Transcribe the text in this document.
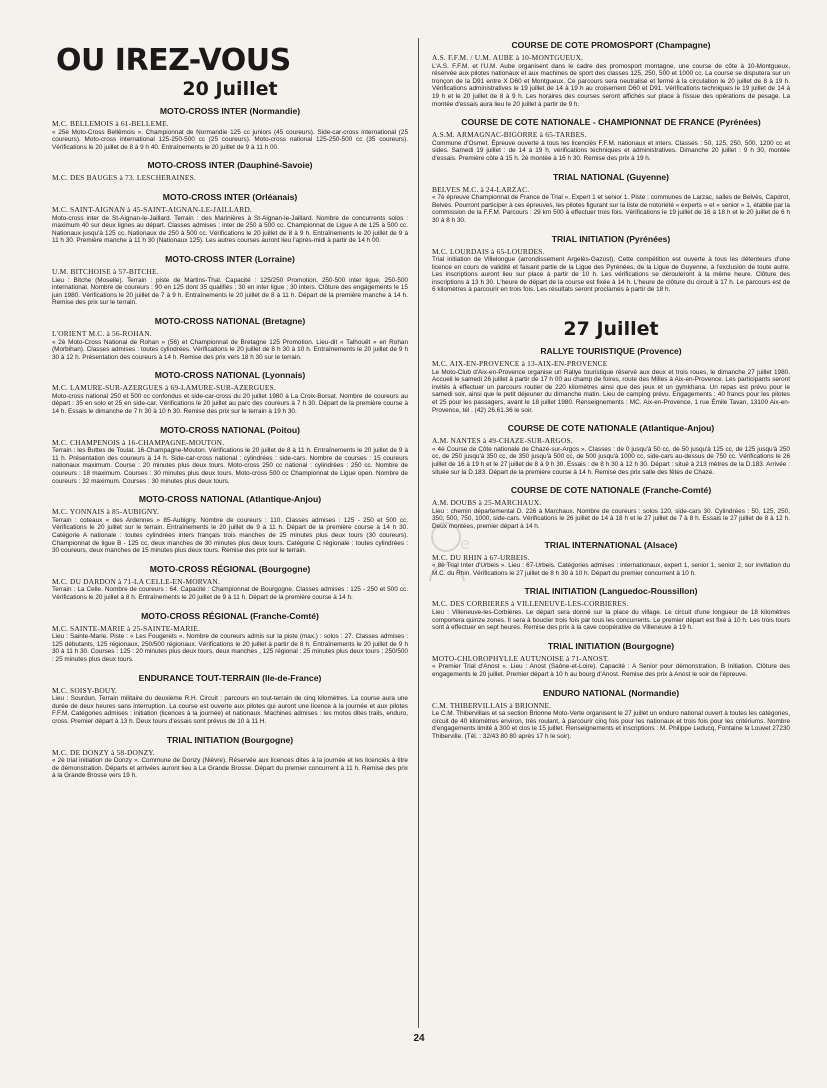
OU IREZ-VOUS
20 Juillet
MOTO-CROSS INTER (Normandie)
M.C. BELLEMOIS à 61-BELLEME.
« 25è Moto-Cross Bellêmois ». Championnat de Normandie 125 cc juniors (45 coureurs). Side-car-cross international (25 coureurs). Moto-cross international 125-250-500 cc (25 coureurs). Moto-cross national 125-250-500 cc (35 coureurs). Vérifications le 20 juillet de 8 à 9 h 40. Entraînements le 20 juillet de 9 à 11 h 00.
MOTO-CROSS INTER (Dauphiné-Savoie)
M.C. DES BAUGES à 73. LESCHERAINES.
MOTO-CROSS INTER (Orléanais)
M.C. SAINT-AIGNAN à 45-SAINT-AIGNAN-LE-JAILLARD.
Moto-cross inter de St-Aignan-le-Jaillard. Terrain : des Marinières à St-Aignan-le-Jaillard. Nombre de concurrents solos : maximum 40 sur deux lignes au départ. Classes admises : inter de 250 à 500 cc. Championnat de Ligue A de 125 à 500 cc. Nationaux jusqu'à 125 cc. Nationaux de 250 à 500 cc. Vérifications le 20 juillet de 8 à 9 h. Entraînements le 20 juillet de 9 à 11 h 30. Première manche à 11 h 30 (Nationaux 125). Les autres courses auront lieu l'après-midi à partir de 14 h 00.
MOTO-CROSS INTER (Lorraine)
U.M. BITCHOISE à 57-BITCHE.
Lieu : Bitche (Moselle). Terrain : piste de Martins-Thal. Capacité : 125/250 Promotion, 250-500 inter ligue, 250-500 international. Nombre de coureurs : 90 en 125 dont 35 qualifiés ; 30 en inter ligue ; 30 inters. Clôture des engagements le 15 juin 1980. Vérifications le 20 juillet de 7 à 9 h. Entraînements le 20 juillet de 8 à 11 h. Départ de la première manche à 14 h. Remise des prix sur le terrain.
MOTO-CROSS NATIONAL (Bretagne)
L'ORIENT M.C. à 56-ROHAN.
« 2è Moto-Cross National de Rohan » (56) et Championnat de Bretagne 125 Promotion. Lieu-dit « Talhouët » en Rohan (Morbihan). Classes admises : toutes cylindrées. Vérifications le 20 juillet de 8 h 30 à 10 h. Entraînements le 20 juillet de 9 h 30 à 12 h. Présentation des coureurs à 14 h. Remise des prix vers 18 h 30 sur le terrain.
MOTO-CROSS NATIONAL (Lyonnais)
M.C. LAMURE-SUR-AZERGUES à 69-LAMURE-SUR-AZERGUES.
Moto-cross national 250 et 500 cc confondus et side-car-cross du 20 juillet 1980 à La Croix-Borsat. Nombre de coureurs au départ : 35 en solo et 25 en side-car. Vérifications le 20 juillet au parc des coureurs à 7 h 30. Départ de la première course à 14 h. Essais le dimanche de 7 h 30 à 10 h 30. Remise des prix sur le terrain à 19 h 30.
MOTO-CROSS NATIONAL (Poitou)
M.C. CHAMPENOIS à 16-CHAMPAGNE-MOUTON.
Terrain : les Buttes de Toulat. 16-Champagne-Mouton. Vérifications le 20 juillet de 8 à 11 h. Entraînements le 20 juillet de 9 à 11 h. Présentation des coureurs à 14 h. Side-car-cross national : cylindrées : side-cars. Nombre de courses : 15 coureurs nationaux maximum. Course : 20 minutes plus deux tours. Moto-cross 250 cc national : cylindrées : 250 cc. Nombre de coureurs : 18 maximum. Courses : 30 minutes plus deux tours. Moto-cross 500 cc Championnat de Ligue open. Nombre de coureurs : 32 maximum. Courses : 30 minutes plus deux tours.
MOTO-CROSS NATIONAL (Atlantique-Anjou)
M.C. YONNAIS à 85-AUBIGNY.
Terrain : coteaux « des Ardennes » 85-Aubigny. Nombre de coureurs : 110. Classes admises : 125 - 250 et 500 cc. Vérifications le 20 juillet sur le terrain. Entraînements le 20 juillet de 9 à 11 h. Départ de la première course à 14 h 30. Catégorie A nationale : toutes cylindrées inters français trois manches de 25 minutes plus deux tours (30 coureurs). Championnat de ligue B - 125 cc, deux manches de 30 minutes plus deux tours. Catégorie C régionale : toutes cylindrées : 30 coureurs, deux manches de 15 minutes plus deux tours. Remise des prix sur le terrain.
MOTO-CROSS RÉGIONAL (Bourgogne)
M.C. DU DARDON à 71-LA CELLE-EN-MORVAN.
Terrain : La Celle. Nombre de coureurs : 64. Capacité : Championnat de Bourgogne. Classes admises : 125 - 250 et 500 cc. Vérifications le 20 juillet à 8 h. Entraînements le 20 juillet de 9 à 11 h. Départ de la première course à 14 h.
MOTO-CROSS RÉGIONAL (Franche-Comté)
M.C. SAINTE-MARIE à 25-SAINTE-MARIE.
Lieu : Sainte-Marie. Piste : « Les Fougerets ». Nombre de coureurs admis sur la piste (max.) : solos : 27. Classes admises : 125 débutants, 125 régionaux, 250/500 régionaux. Vérifications le 20 juillet à partir de 8 h. Entraînements le 20 juillet de 9 h 30 à 11 h 30. Courses : 125 : 20 minutes plus deux tours, deux manches , 125 régional : 25 minutes plus deux tours ; 250/500 : 25 minutes plus deux tours.
ENDURANCE TOUT-TERRAIN (Ile-de-France)
M.C. SOISY-BOUY.
Lieu : Sourdun. Terrain militaire du deuxième R.H. Circuit : parcours en tout-terrain de cinq kilomètres. La course aura une durée de deux heures sans interruption. La course est ouverte aux pilotes qui auront une licence à la journée et aux pilotes F.F.M. Catégories admises : initiation (licences à la journée) et nationaux. Machines admises : les motos dites trails, enduro, cross. Premier départ à 13 h. Deux tours d'essais sont prévus de 10 à 11 H.
TRIAL INITIATION (Bourgogne)
M.C. DE DONZY à 58-DONZY.
« 2è trial initiation de Donzy ». Commune de Donzy (Nièvre). Réservée aux licences dites à la journée et les licenciés à titre de démonstration. Départs et arrivées auront lieu à La Grande Brosse. Départ du premier concurrent à 11 h. Remise des prix à la Grande Brosse vers 19 h.
COURSE DE COTE PROMOSPORT (Champagne)
A.S. F.F.M. / U.M. AUBE à 10-MONTGUEUX.
L'A.S. F.F.M. et l'U.M. Aube organisent dans le cadre des promosport montagne, une course de côte à 10-Montgueux, réservée aux pilotes nationaux et aux machines de sport des classes 125, 250, 500 et 1000 cc. La course se disputera sur un tronçon de la D91 entre X D60 et Montgueux. Ce parcours sera neutralisé et fermé à la circulation le 20 juillet de 8 à 19 h. Vérifications administratives le 19 juillet de 14 à 19 h au croisement D60 et D91. Vérifications techniques le 19 juillet de 14 à 19 h et le 20 juillet de 8 à 9 h. Les horaires des courses seront affichés sur place à l'issue des opérations de pesage. La montée d'essais aura lieu le 20 juillet à partir de 9 h.
COURSE DE COTE NATIONALE - CHAMPIONNAT DE FRANCE (Pyrénées)
A.S.M. ARMAGNAC-BIGORRE à 65-TARBES.
Commune d'Osmet. Épreuve ouverte à tous les licenciés F.F.M. nationaux et inters. Classes : 50, 125, 250, 500, 1200 cc et sides. Samedi 19 juillet : de 14 à 19 h, vérifications techniques et administratives. Dimanche 20 juillet : 9 h 30, montée d'essais. Première côte à 15 h. 2è montée à 16 h 30. Remise des prix à 19 h.
TRIAL NATIONAL (Guyenne)
BELVES M.C. à 24-LARZAC.
« 7è épreuve Championnat de France de Trial ». Expert 1 et senior 1. Piste : communes de Larzac, salles de Belvès, Capdrot, Belvès. Pourront participer à ces épreuves, les pilotes figurant sur la liste de notoriété « experts » et « senior » 1, établie par la commission de la F.F.M. Parcours : 29 km 500 à effectuer trois fois. Vérifications le 19 juillet de 16 à 18 h et le 20 juillet de 6 h 30 à 8 h 30.
TRIAL INITIATION (Pyrénées)
M.C. LOURDAIS à 65-LOURDES.
Trial initiation de Villelongue (arrondissement Argelès-Gazost). Cette compétition est ouverte à tous les détenteurs d'une licence en cours de validité et faisant partie de la Ligue des Pyrénées, de la Ligue de Guyenne, à l'exclusion de toute autre. Les inscriptions auront lieu sur place à partir de 10 h. Les vérifications se dérouleront à la même heure. Clôture des inscriptions à 13 h 30. L'heure de départ de la course est fixée à 14 h. L'heure de clôture du circuit à 17 h. Le parcours est de 6 kilomètres à parcourir en trois fois. Les résultats seront proclamés à partir de 18 h.
27 Juillet
RALLYE TOURISTIQUE (Provence)
M.C. AIX-EN-PROVENCE à 13-AIX-EN-PROVENCE
Le Moto-Club d'Aix-en-Provence organise un Rallye touristique réservé aux deux et trois roues, le dimanche 27 juillet 1980. Accueil le samedi 26 juillet à partir de 17 h 00 au champ de foires, route des Milles à Aix-en-Provence. Les participants seront invités à effectuer un parcours routier de 220 kilomètres ainsi que des jeux et un gymkhana. Un repas est prévu pour le samedi soir, ainsi que le petit déjeuner du dimanche matin. Lieu de camping prévu. Engagements : 40 francs pour les pilotes et 25 pour les passagers, avant le 18 juillet 1980. Renseignements : MC. Aix-en-Provence, 1 rue Émile Tavan, 13100 Aix-en-Provence, tél . (42) 26.61.36 le soir.
COURSE DE COTE NATIONALE (Atlantique-Anjou)
A.M. NANTES à 49-CHAZE-SUR-ARGOS.
« 4è Course de Côte nationale de Chazé-sur-Argos ». Classes : de 0 jusqu'à 50 cc, de 50 jusqu'à 125 cc, de 125 jusqu'à 250 cc, de 250 jusqu'à 350 cc, de 350 jusqu'à 500 cc, de 500 jusqu'à 1000 cc, side-cars au-dessus de 750 cc. Vérifications le 26 juillet de 16 à 19 h et le 27 juillet de 8 à 9 h 30. Essais : de 8 h 30 à 12 h 30. Départ : situé à 213 mètres de la D.183. Arrivée : située sur la D.183. Départ de la première course à 14 h. Remise des prix salle des fêtes de Chazé.
COURSE DE COTE NATIONALE (Franche-Comté)
A.M. DOUBS à 25-MARCHAUX.
Lieu : chemin départemental D. 226 à Marchaux. Nombre de coureurs : solos 120, side-cars 30. Cylindrées : 50, 125, 250, 350, 500, 750, 1000, side-cars. Vérifications le 26 juillet de 14 à 18 h et le 27 juillet de 7 à 8 h. Essais le 27 juillet de 8 à 12 h. Deux montées, premier départ à 14 h.
TRIAL INTERNATIONAL (Alsace)
M.C. DU RHIN à 67-URBEIS.
« 8è Trial Inter d'Urbeis ». Lieu : 67-Urbeis. Catégories admises : internationaux, expert 1, senior 1, senior 2, sur invitation du M.C. du Rhin. Vérifications le 27 juillet de 8 h 30 à 10 h. Départ du premier concurrent à 10 h.
TRIAL INITIATION (Languedoc-Roussillon)
M.C. DES CORBIERES à VILLENEUVE-LES-CORBIERES.
Lieu : Villeneuve-les-Corbières. Le départ sera donné sur la place du village. Le circuit d'une longueur de 18 kilomètres comportera quinze zones. Il sera à boucler trois fois par tous les concurrents. Le premier départ est fixé à 10 h. Les trois tours sont à effectuer en sept heures. Remise des prix à la cave coopérative de Villeneuve à 19 h.
TRIAL INITIATION (Bourgogne)
MOTO-CHLOROPHYLLE AUTUNOISE à 71-ANOST.
« Premier Trial d'Anost ». Lieu : Anost (Saône-et-Loire). Capacité : A Senior pour démonstration, B Initiation. Clôture des engagements le 20 juillet. Premier départ à 10 h au bourg d'Anost. Remise des prix à Anost le soir de l'épreuve.
ENDURO NATIONAL (Normandie)
C.M. THIBERVILLAIS à BRIONNE.
Le C.M. Thibervillais et sa section Brionne Moto-Verte organisent le 27 juillet un enduro national ouvert à toutes les catégories, circuit de 40 kilomètres environ, très roulant, à parcourir cinq fois pour les nationaux et trois fois pour les critériums. Nombre d'engagements limité à 300 et clos le 15 juillet. Renseignements et inscriptions : M. Philippe Leducq, Fontaine la Louvet 27230 Thiberville. (Tél. : 32/43 80 80 après 17 h le soir).
e
24
